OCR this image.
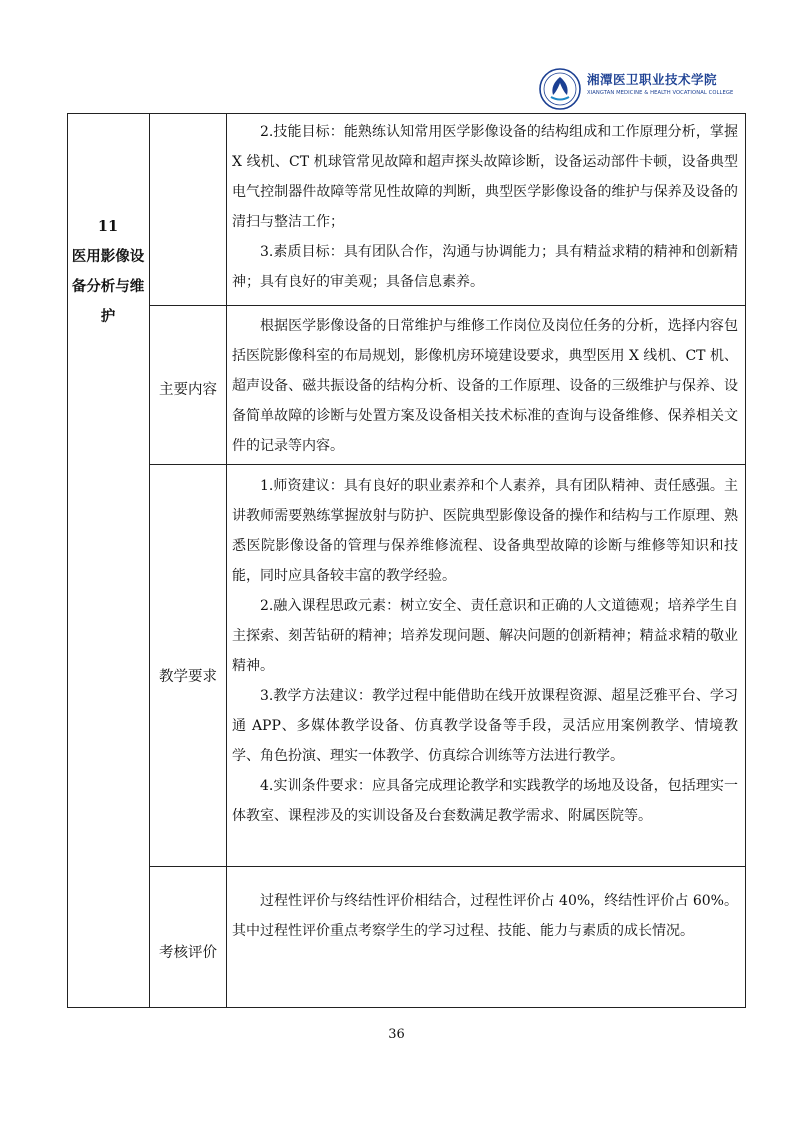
湘潭医卫职业技术学院
XIANGTAN MEDICINE & HEALTH VOCATIONAL COLLEGE
11
医用影像设
备分析与维
护
主要内容
教学要求
考核评价

2.技能目标：能熟练认知常用医学影像设备的结构组成和工作原理分析，掌握 X 线机、CT 机球管常见故障和超声探头故障诊断，设备运动部件卡顿，设备典型电气控制器件故障等常见性故障的判断，典型医学影像设备的维护与保养及设备的清扫与整洁工作；

3.素质目标：具有团队合作，沟通与协调能力；具有精益求精的精神和创新精神；具有良好的审美观；具备信息素养。

根据医学影像设备的日常维护与维修工作岗位及岗位任务的分析，选择内容包括医院影像科室的布局规划，影像机房环境建设要求，典型医用 X 线机、CT 机、超声设备、磁共振设备的结构分析、设备的工作原理、设备的三级维护与保养、设备简单故障的诊断与处置方案及设备相关技术标准的查询与设备维修、保养相关文件的记录等内容。

1.师资建议：具有良好的职业素养和个人素养，具有团队精神、责任感强。主讲教师需要熟练掌握放射与防护、医院典型影像设备的操作和结构与工作原理、熟悉医院影像设备的管理与保养维修流程、设备典型故障的诊断与维修等知识和技能，同时应具备较丰富的教学经验。

2.融入课程思政元素：树立安全、责任意识和正确的人文道德观；培养学生自主探索、刻苦钻研的精神；培养发现问题、解决问题的创新精神；精益求精的敬业精神。

3.教学方法建议：教学过程中能借助在线开放课程资源、超星泛雅平台、学习通 APP、多媒体教学设备、仿真教学设备等手段，灵活应用案例教学、情境教学、角色扮演、理实一体教学、仿真综合训练等方法进行教学。

4.实训条件要求：应具备完成理论教学和实践教学的场地及设备，包括理实一体教室、课程涉及的实训设备及台套数满足教学需求、附属医院等。

过程性评价与终结性评价相结合，过程性评价占 40%，终结性评价占 60%。其中过程性评价重点考察学生的学习过程、技能、能力与素质的成长情况。

36
